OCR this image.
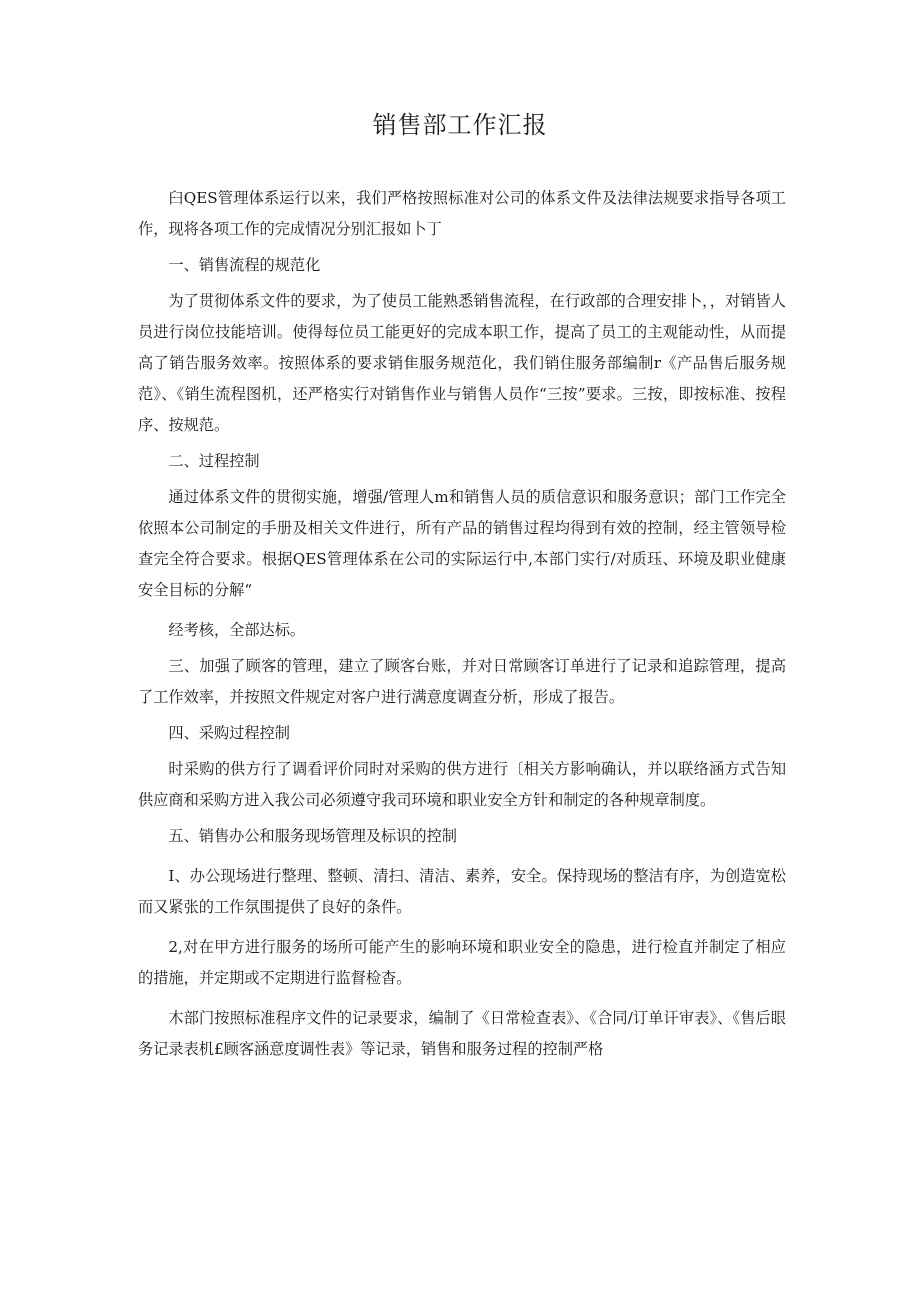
销售部工作汇报

臼QES管理体系运行以来，我们严格按照标准对公司的体系文件及法律法规要求指导各项工作，现将各项工作的完成情况分别汇报如卜丁

一、销售流程的规范化

为了贯彻体系文件的要求，为了使员工能熟悉销售流程，在行政部的合理安排卜，，对销皆人员进行岗位技能培训。使得每位员工能更好的完成本职工作，提高了员工的主观能动性，从而提高了销告服务效率。按照体系的要求销隹服务规范化，我们销住服务部编制r《产品售后服务规范》、《销生流程图机，还严格实行对销售作业与销售人员作“三按”要求。三按，即按标准、按程序、按规范。

二、过程控制

通过体系文件的贯彻实施，增强/管理人m和销售人员的质信意识和服务意识；部门工作完全依照本公司制定的手册及相关文件进行，所有产品的销售过程均得到有效的控制，经主管领导检查完全符合要求。根据QES管理体系在公司的实际运行中,本部门实行/对质珏、环境及职业健康安全目标的分解“

经考核，全部达标。

三、加强了顾客的管理，建立了顾客台账，并对日常顾客订单进行了记录和追踪管理，提高了工作效率，并按照文件规定对客户进行满意度调查分析，形成了报告。

四、采购过程控制

时采购的供方行了调看评价同时对采购的供方进行〔相关方影响确认，并以联络涵方式告知供应商和采购方进入我公司必须遵守我司环境和职业安全方针和制定的各种规章制度。

五、销售办公和服务现场管理及标识的控制

I、办公现场进行整理、整顿、清扫、清洁、素养，安全。保持现场的整洁有序，为创造宽松而又紧张的工作氛围提供了良好的条件。

2,对在甲方进行服务的场所可能产生的影响环境和职业安全的隐患，进行检直并制定了相应的措施，并定期或不定期进行监督检杳。

木部门按照标准程序文件的记录要求，编制了《日常检查表》、《合同/订单讦审表》、《售后眼务记录表机£顾客涵意度调性表》等记录，销售和服务过程的控制严格
